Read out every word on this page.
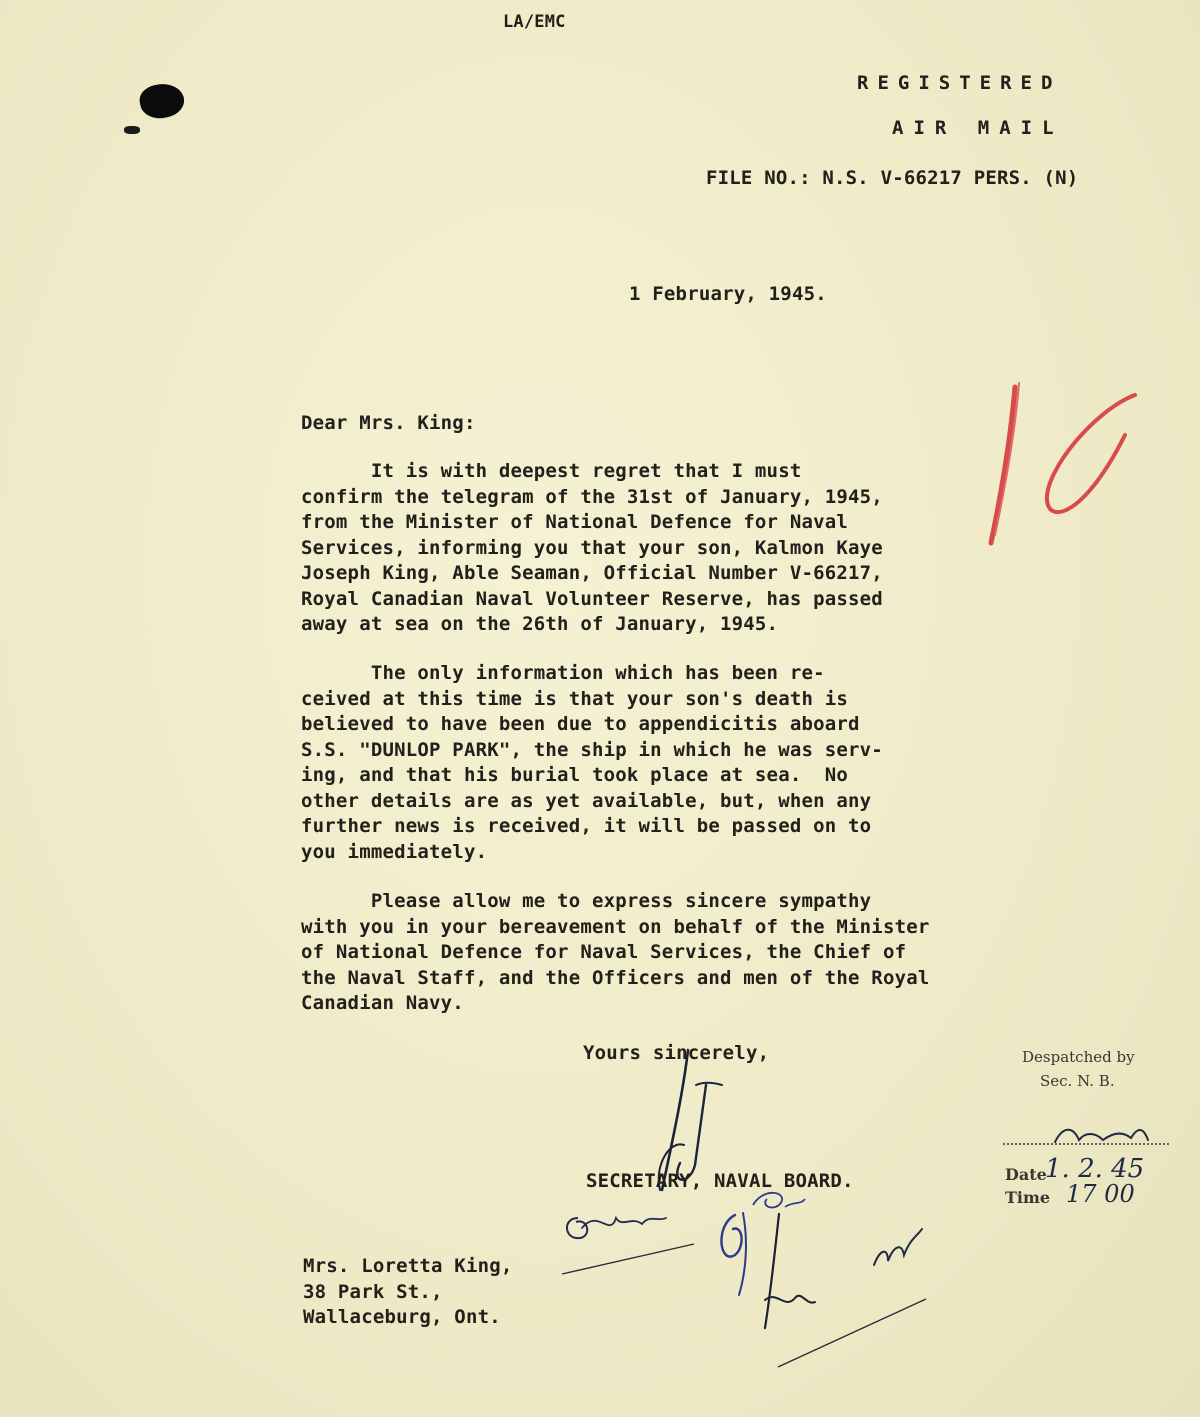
LA/EMC
REGISTERED
AIR MAIL
FILE NO.: N.S. V-66217 PERS. (N)
1 February, 1945.
Dear Mrs. King:
It is with deepest regret that I must
confirm the telegram of the 31st of January, 1945,
from the Minister of National Defence for Naval
Services, informing you that your son, Kalmon Kaye
Joseph King, Able Seaman, Official Number V-66217,
Royal Canadian Naval Volunteer Reserve, has passed
away at sea on the 26th of January, 1945.
The only information which has been re-
ceived at this time is that your son's death is
believed to have been due to appendicitis aboard
S.S. "DUNLOP PARK", the ship in which he was serv-
ing, and that his burial took place at sea.  No
other details are as yet available, but, when any
further news is received, it will be passed on to
you immediately.
Please allow me to express sincere sympathy
with you in your bereavement on behalf of the Minister
of National Defence for Naval Services, the Chief of
the Naval Staff, and the Officers and men of the Royal
Canadian Navy.
Yours sincerely,
SECRETARY, NAVAL BOARD.
Despatched by
Sec. N. B.
Date
1. 2. 45
Time 17 00
Mrs. Loretta King,
38 Park St.,
Wallaceburg, Ont.
